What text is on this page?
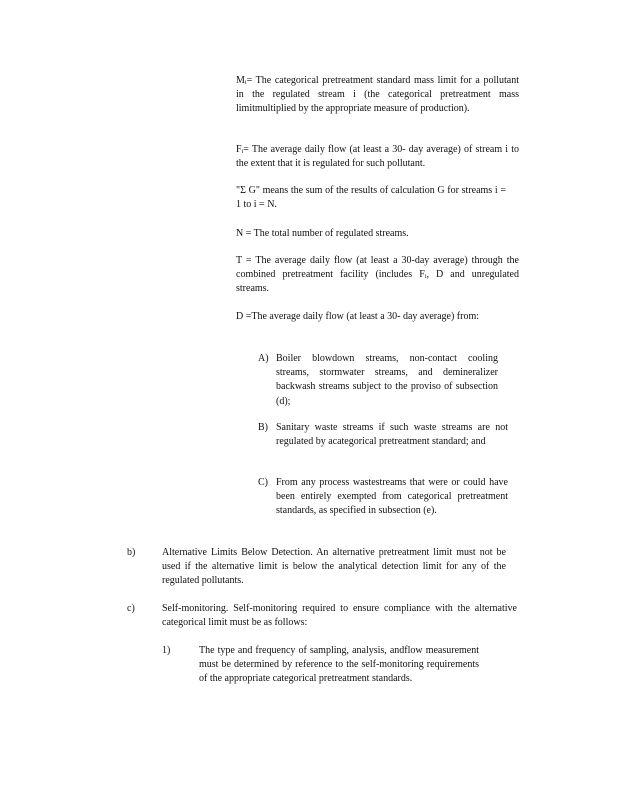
$M_i=$ The categorical pretreatment standard mass limit for a pollutant in the regulated stream i (the categorical pretreatment mass limitmultiplied by the appropriate measure of production).
$F_i=$ The average daily flow (at least a 30- day average) of stream i to the extent that it is regulated for such pollutant.
"Σ G" means the sum of the results of calculation G for streams i = 1 to i = N.
N = The total number of regulated streams.
T = The average daily flow (at least a 30-day average) through the combined pretreatment facility (includes $F_i$, D and unregulated streams.
D =The average daily flow (at least a 30- day average) from:
A) Boiler blowdown streams, non-contact cooling streams, stormwater streams, and demineralizer backwash streams subject to the proviso of subsection (d);
B) Sanitary waste streams if such waste streams are not regulated by acategorical pretreatment standard; and
C) From any process wastestreams that were or could have been entirely exempted from categorical pretreatment standards, as specified in subsection (e).
b)	Alternative Limits Below Detection. An alternative pretreatment limit must not be used if the alternative limit is below the analytical detection limit for any of the regulated pollutants.
c)	Self-monitoring. Self-monitoring required to ensure compliance with the alternative categorical limit must be as follows:
1)	The type and frequency of sampling, analysis, andflow measurement must be determined by reference to the self-monitoring requirements of the appropriate categorical pretreatment standards.
